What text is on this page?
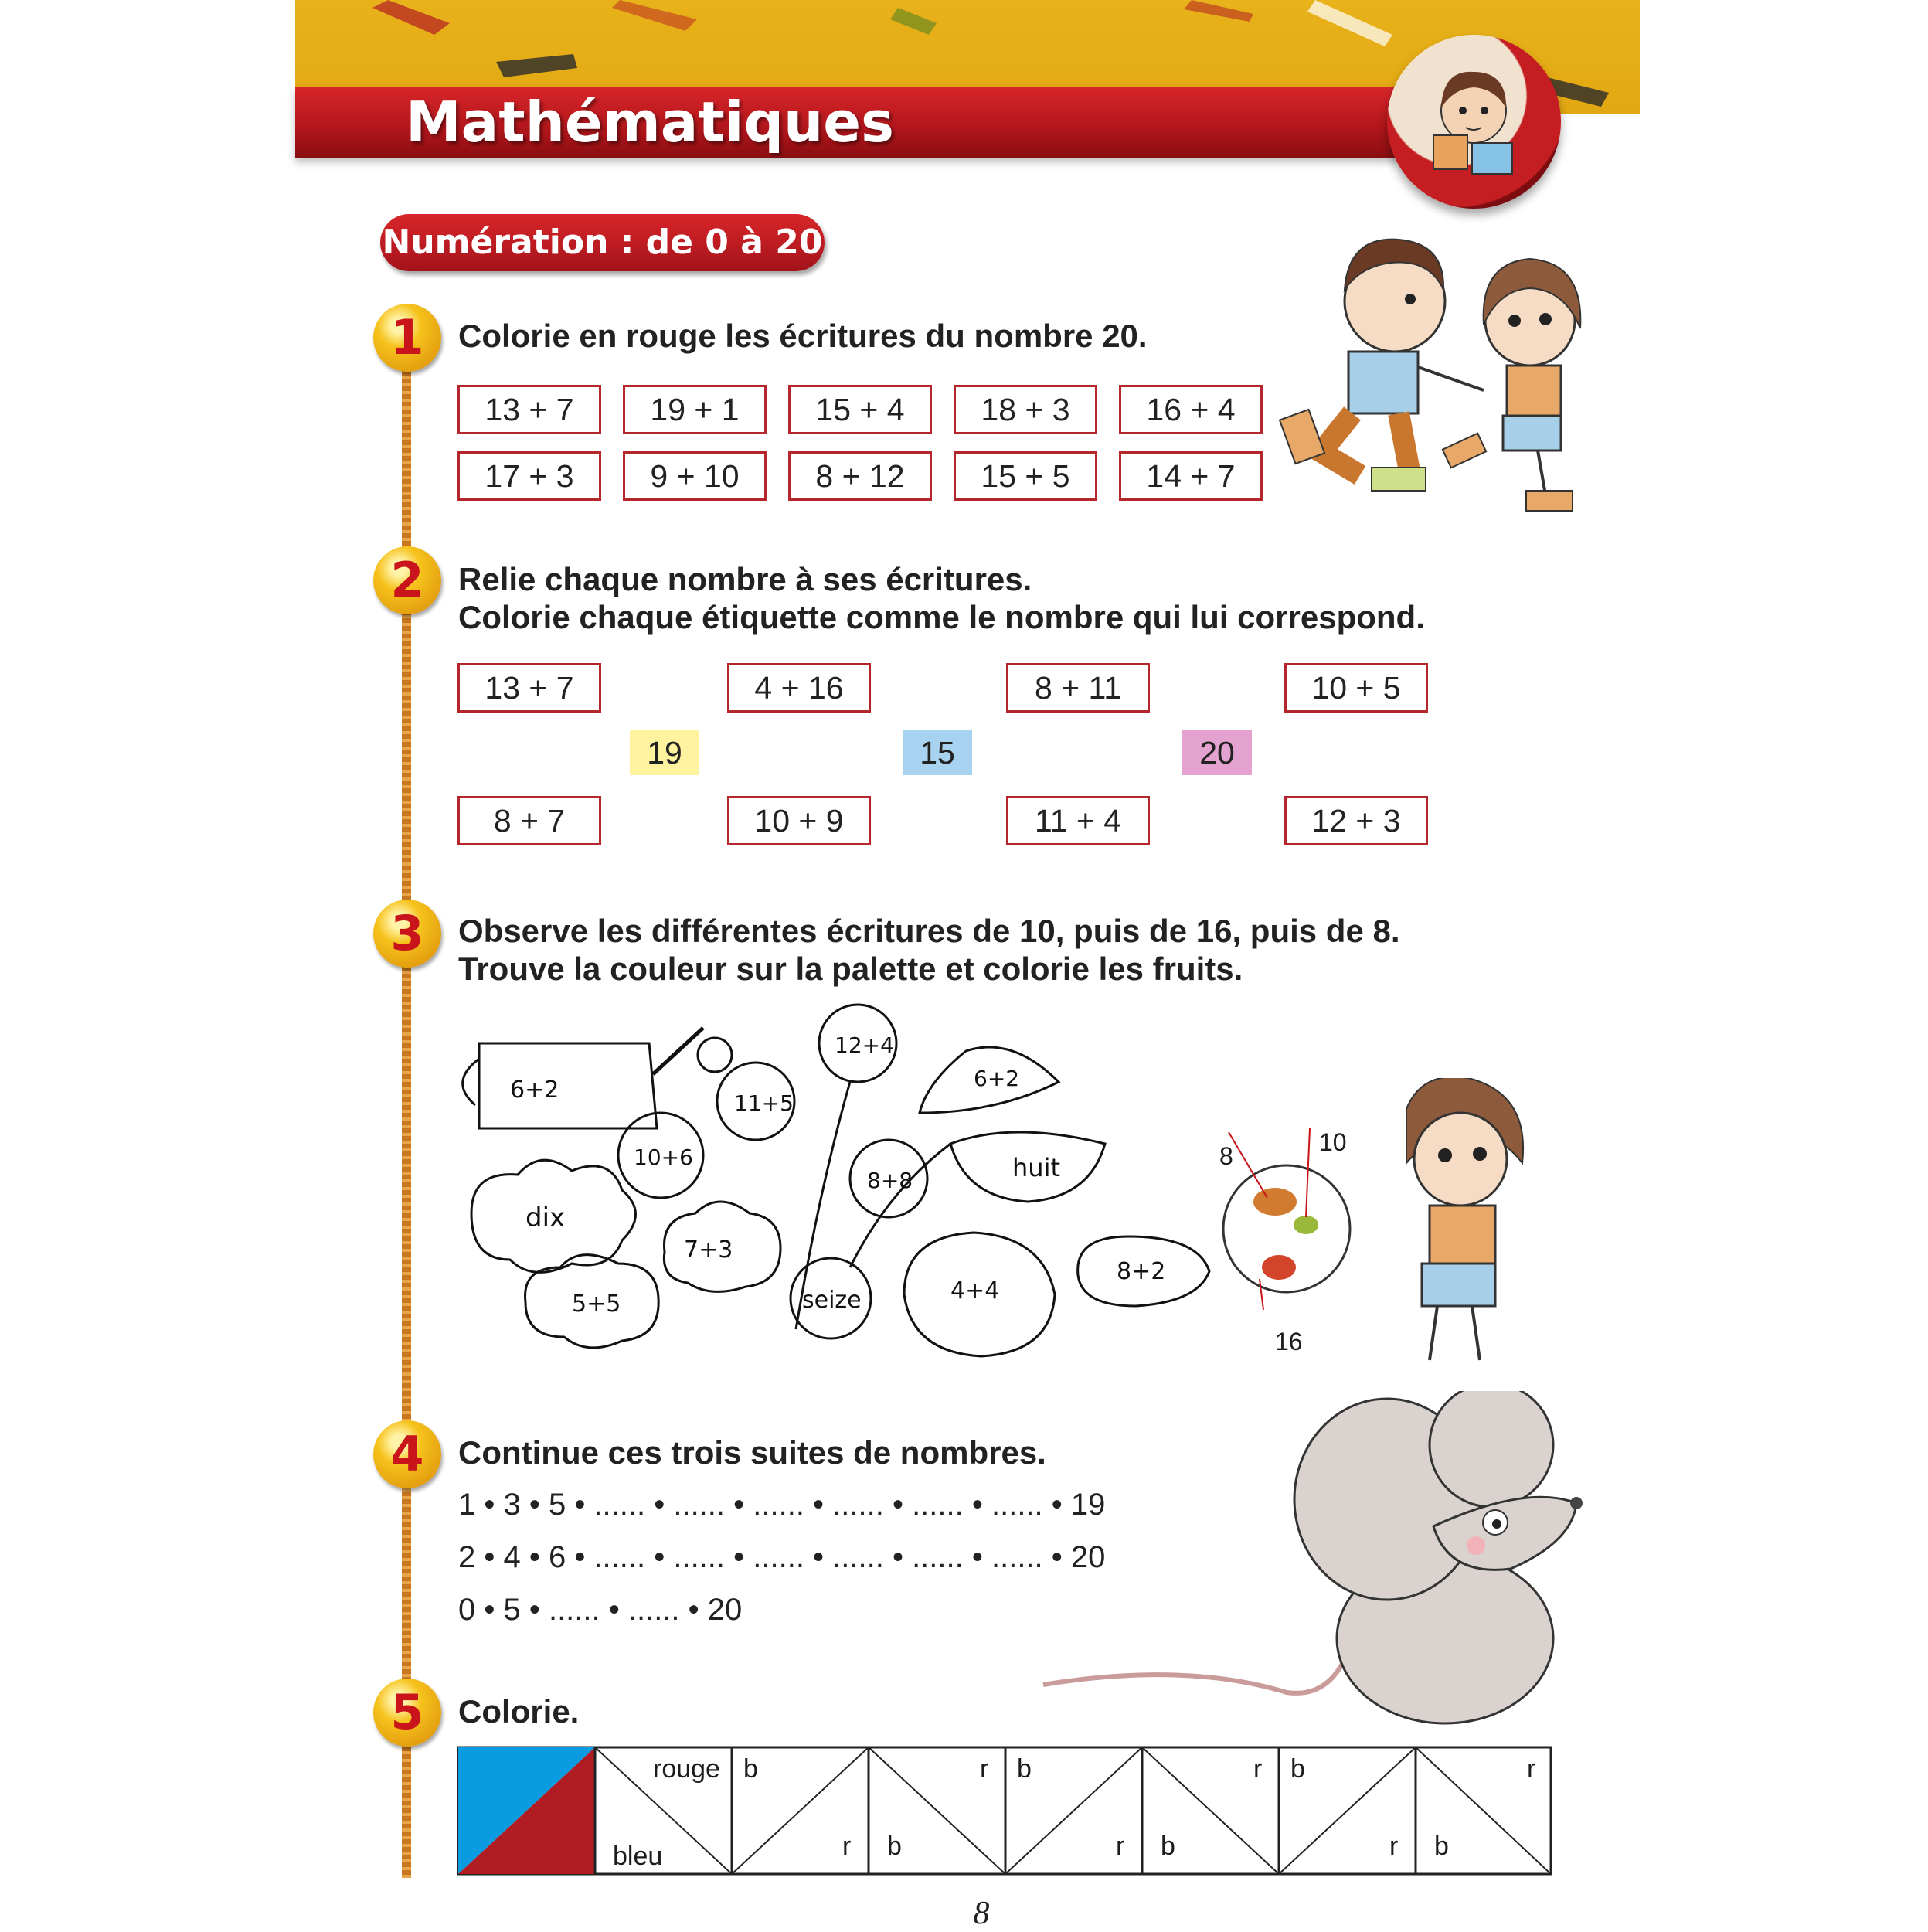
Mathématiques
Numération : de 0 à 20
1	Colorie en rouge les écritures du nombre 20.
13 + 7	19 + 1	15 + 4	18 + 3	16 + 4
17 + 3	9 + 10	8 + 12	15 + 5	14 + 7
2	Relie chaque nombre à ses écritures.
Colorie chaque étiquette comme le nombre qui lui correspond.
13 + 7	4 + 16	8 + 11	10 + 5
19	15	20
8 + 7	10 + 9	11 + 4	12 + 3
3	Observe les différentes écritures de 10, puis de 16, puis de 8.
Trouve la couleur sur la palette et colorie les fruits.
6+2
12+4
6+2
11+5
10+6
8+8	huit
dix
7+3
5+5	seize	4+4
8+2
8	10
16
4	Continue ces trois suites de nombres.
1 • 3 • 5 • ...... • ...... • ...... • ...... • ...... • ...... • 19
2 • 4 • 6 • ...... • ...... • ...... • ...... • ...... • ...... • 20
0 • 5 • ...... • ...... • 20
5	Colorie.
rouge
bleu
b
r
r
b
b
r
r
b
b
r
r
b
8
